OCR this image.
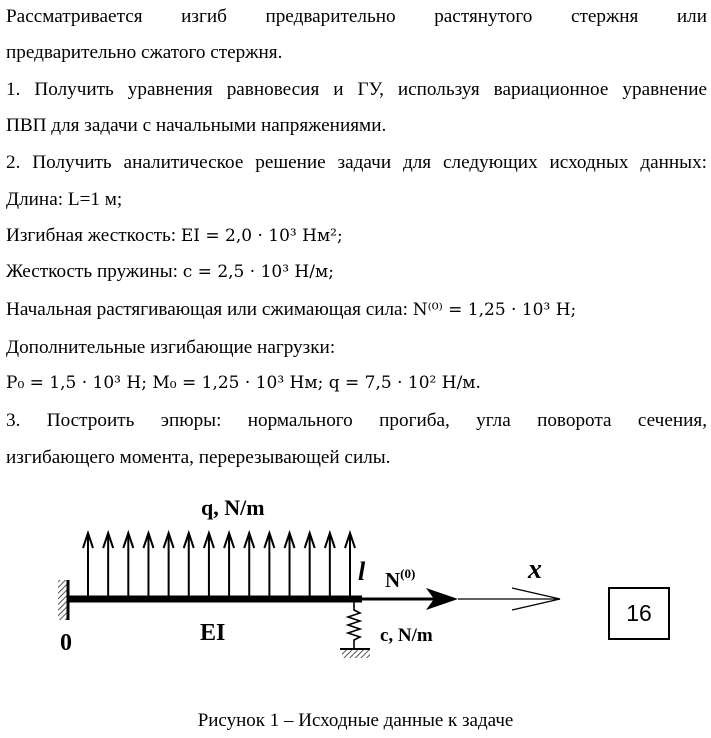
Рассматривается изгиб предварительно растянутого стержня или
предварительно сжатого стержня.
1. Получить уравнения равновесия и ГУ, используя вариационное уравнение
ПВП для задачи с начальными напряжениями.
2. Получить аналитическое решение задачи для следующих исходных данных:
Длина: L=1 м;
Изгибная жесткость: EI = 2,0 · 10³ Нм²;
Жесткость пружины: c = 2,5 · 10³ Н/м;
Начальная растягивающая или сжимающая сила: N⁽⁰⁾ = 1,25 · 10³ Н;
Дополнительные изгибающие нагрузки:
P₀ = 1,5 · 10³ Н; M₀ = 1,25 · 10³ Нм; q = 7,5 · 10² Н/м.
3. Построить эпюры: нормального прогиба, угла поворота сечения,
изгибающего момента, перерезывающей силы.
q, N/m
l $N^{(0)}$	x
EI
0	c, N/m
16
Рисунок 1 – Исходные данные к задаче
